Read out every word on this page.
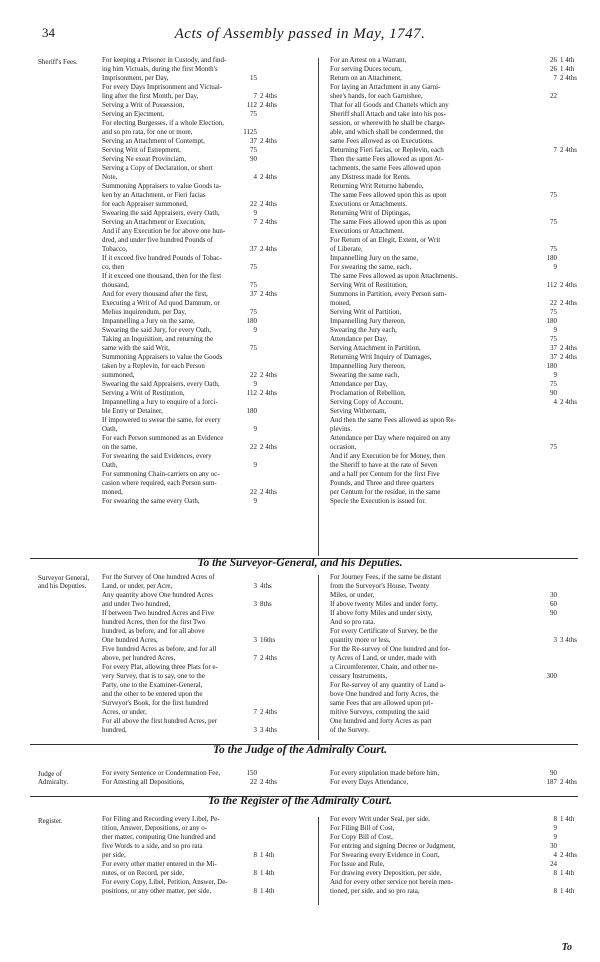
34	Acts of Assembly passed in May, 1747.
Sheriff's Fees.	For keeping a Prisoner in Custody, and find-
ing him Victuals, during the first Month's
Imprisonment, per Day,	15
For every Days Imprisonment and Victual-
ling after the first Month, per Day,	7 2 4ths
Serving a Writ of Possession,	112 2 4ths
Serving an Ejectment,	75
For electing Burgesses, if a whole Election,
and so pro rata, for one or more,	1125
Serving an Attachment of Contempt,	37 2 4ths
Serving Writ of Estrepment,	75
Serving Ne exeat Provinciam,	90
Serving a Copy of Declaration, or short
Note,	4 2 4ths
Summoning Appraisers to value Goods ta-
ken by an Attachment, or Fieri facias
for each Appraiser summoned,	22 2 4ths
Swearing the said Appraisers, every Oath,	9
Serving an Attachment or Execution,	7 2 4ths
And if any Execution be for above one hun-
dred, and under five hundred Pounds of
Tobacco,	37 2 4ths
If it exceed five hundred Pounds of Tobac-
co, then	75
If it exceed one thousand, then for the first
thousand,	75
And for every thousand after the first,	37 2 4ths
Executing a Writ of Ad quod Damnum, or
Melius inquirendum, per Day,	75
Impannelling a Jury on the same,	180
Swearing the said Jury, for every Oath,	9
Taking an Inquisition, and returning the
same with the said Writ,	75
Summoning Appraisers to value the Goods
taken by a Replevin, for each Person
summoned,	22 2 4ths
Swearing the said Appraisers, every Oath,	9
Serving a Writ of Restitution,	112 2 4ths
Impannelling a Jury to enquire of a forci-
ble Entry or Detainer,	180
If impowered to swear the same, for every
Oath,	9
For each Person summoned as an Evidence
on the same,	22 2 4ths
For swearing the said Evidences, every
Oath,	9
For summoning Chain-carriers on any oc-
casion where required, each Person sum-
moned,	22 2 4ths
For swearing the same every Oath,	9
For an Arrest on a Warrant,	26 1 4th
For serving Duces tecum,	26 1 4th
Return on an Attachment,	7 2 4ths
For laying an Attachment in any Garni-
shee's hands, for each Garnishee,	22
That for all Goods and Chattels which any
Sheriff shall Attach and take into his pos-
session, or wherewith he shall be charge-
able, and which shall be condemned, the
same Fees allowed as on Executions.
Returning Fieri facias, or Replevin, each	7 2 4ths
Then the same Fees allowed as upon At-
tachments, the same Fees allowed upon
any Distress made for Rents.
Returning Writ Returno habendo,
The same Fees allowed upon this as upon	75
Executions or Attachments.
Returning Writ of Diptingas,
The same Fees allowed upon this as upon	75
Executions or Attachment.
For Return of an Elegit, Extent, or Writ
of Liberate,	75
Impannelling Jury on the same,	180
For swearing the same, each,	9
The same Fees allowed as upon Attachments.
Serving Writ of Restitution,	112 2 4ths
Summons in Partition, every Person sum-
moned,	22 2 4ths
Serving Writ of Partition,	75
Impannelling Jury thereon,	180
Swearing the Jury each,	9
Attendance per Day,	75
Serving Attachment in Partition,	37 2 4ths
Returning Writ Inquiry of Damages,	37 2 4ths
Impannelling Jury thereon,	180
Swearing the same each,	9
Attendance per Day,	75
Proclamation of Rebellion,	90
Serving Copy of Account,	4 2 4ths
Serving Withernam,
And then the same Fees allowed as upon Re-
plevins.
Attendance per Day where required on any
occasion,	75
And if any Execution be for Money, then
the Sheriff to have at the rate of Seven
and a half per Centum for the first Five
Pounds, and Three and three quarters
per Centum for the residue, in the same
Specie the Execution is issued for.
To the Surveyor-General, and his Deputies.
Surveyor General, and his Deputies.
For the Survey of One hundred Acres of
Land, or under, per Acre,	3 4ths
Any quantity above One hundred Acres
and under Two hundred,	3 8ths
If between Two hundred Acres and Five
hundred Acres, then for the first Two
hundred, as before, and for all above
One hundred Acres,	3 16ths
Five hundred Acres as before, and for all
above, per hundred Acres,	7 2 4ths
For every Plat, allowing three Plats for e-
very Survey, that is to say, one to the
Party, one to the Examiner-General,
and the other to be entered upon the
Surveyor's Book, for the first hundred
Acres, or under,	7 2 4ths
For all above the first hundred Acres, per
hundred,	3 3 4ths
For Journey Fees, if the same be distant
from the Surveyor's House, Twenty
Miles, or under,	30
If above twenty Miles and under forty,	60
If above forty Miles and under sixty,	90
And so pro rata.
For every Certificate of Survey, be the
quantity more or less,	3 3 4ths
For the Re-survey of One hundred and for-
ty Acres of Land, or under, made with
a Circumferenter, Chain, and other ne-
cessary Instruments,	300
For Re-survey of any quantity of Land a-
bove One hundred and forty Acres, the
same Fees that are allowed upon pri-
mitive Surveys, computing the said
One hundred and forty Acres as part
of the Survey.
To the Judge of the Admiralty Court.
Judge of Admiralty.
For every Sentence or Condemnation Fee,	150
For Attesting all Depositions,	22 2 4ths
For every stipulation made before him,	90
For every Days Attendance,	187 2 4ths
To the Register of the Admiralty Court.
Register.	For Filing and Recording every Libel, Pe-
tition, Answer, Depositions, or any o-
ther matter, computing One hundred and
five Words to a side, and so pro rata
per side,	8 1 4th
For every other matter entered in the Mi-
nutes, or on Record, per side,	8 1 4th
For every Copy, Libel, Petition, Answer, De-
positions, or any other matter, per side,	8 1 4th
For every Writ under Seal, per side,	8 1 4th
For Filing Bill of Cost,	9
For Copy Bill of Cost,	9
For entring and signing Decree or Judgment,	30
For Swearing every Evidence in Court,	4 2 4ths
For Issue and Rule,	24
For drawing every Deposition, per side,	8 1 4th
And for every other service not herein men-
tioned, per side, and so pro rata,	8 1 4th
To
